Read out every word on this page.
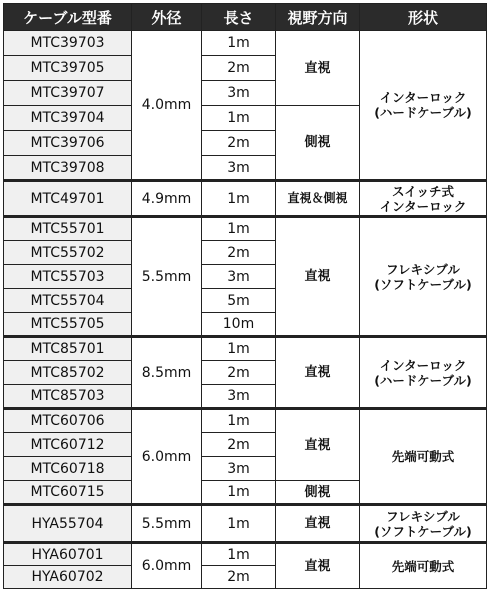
ケーブル型番	外径	長さ	視野方向	形状
MTC39703	4.0mm	1m	直視	インターロック
(ハードケーブル)
MTC39705		2m		
MTC39707		3m		
MTC39704		1m	側視	
MTC39706		2m		
MTC39708		3m		
MTC49701	4.9mm	1m	直視＆側視	スイッチ式
インターロック
MTC55701	5.5mm	1m	直視	フレキシブル
(ソフトケーブル)
MTC55702		2m		
MTC55703		3m		
MTC55704		5m		
MTC55705		10m		
MTC85701	8.5mm	1m	直視	インターロック
(ハードケーブル)
MTC85702		2m		
MTC85703		3m		
MTC60706	6.0mm	1m	直視	先端可動式
MTC60712		2m		
MTC60718		3m		
MTC60715		1m	側視	
HYA55704	5.5mm	1m	直視	フレキシブル
(ソフトケーブル)
HYA60701	6.0mm	1m	直視	先端可動式
HYA60702		2m		
